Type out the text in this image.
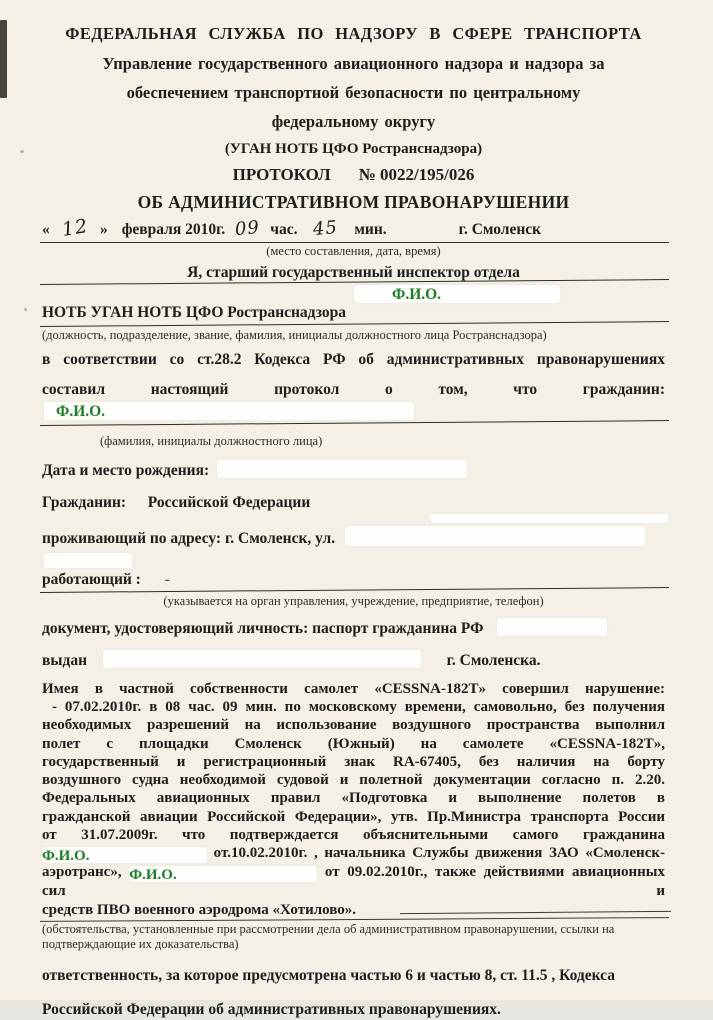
ФЕДЕРАЛЬНАЯ СЛУЖБА ПО НАДЗОРУ В СФЕРЕ ТРАНСПОРТА
Управление государственного авиационного надзора и надзора за
обеспечением транспортной безопасности по центральному
федеральному округу
(УГАН НОТБ ЦФО Ространснадзора)
ПРОТОКОЛ № 0022/195/026
ОБ АДМИНИСТРАТИВНОМ ПРАВОНАРУШЕНИИ
« 12 » февраля 2010г. 09 час. 45 мин.	г. Смоленск
(место составления, дата, время)
Я, старший государственный инспектор отдела
Ф.И.О.
НОТБ УГАН НОТБ ЦФО Ространснадзора
(должность, подразделение, звание, фамилия, инициалы должностного лица Ространснадзора)
в соответствии со ст.28.2 Кодекса РФ об административных правонарушениях
составил настоящий протокол о том, что гражданин:
Ф.И.О.
(фамилия, инициалы должностного лица)
Дата и место рождения:
Гражданин: Российской Федерации
проживающий по адресу: г. Смоленск, ул.
работающий : -
(указывается на орган управления, учреждение, предприятие, телефон)
документ, удостоверяющий личность: паспорт гражданина РФ
выдан	г. Смоленска.
Имея в частной собственности самолет «CESSNA-182T» совершил нарушение:
- 07.02.2010г. в 08 час. 09 мин. по московскому времени, самовольно, без получения
необходимых разрешений на использование воздушного пространства выполнил
полет с площадки Смоленск (Южный) на самолете «CESSNA-182T»,
государственный и регистрационный знак RA-67405, без наличия на борту
воздушного судна необходимой судовой и полетной документации согласно п. 2.20.
Федеральных авиационных правил «Подготовка и выполнение полетов в
гражданской авиации Российской Федерации», утв. Пр.Министра транспорта России
от 31.07.2009г. что подтверждается объяснительными самого гражданина
Ф.И.О.	от.10.02.2010г. , начальника Службы движения ЗАО «Смоленск-
аэротранс», Ф.И.О.	от 09.02.2010г., также действиями авиационных сил и
средств ПВО военного аэродрома «Хотилово».
(обстоятельства, установленные при рассмотрении дела об административном правонарушении, ссылки на
подтверждающие их доказательства)
ответственность, за которое предусмотрена частью 6 и частью 8, ст. 11.5 , Кодекса
Российской Федерации об административных правонарушениях.
